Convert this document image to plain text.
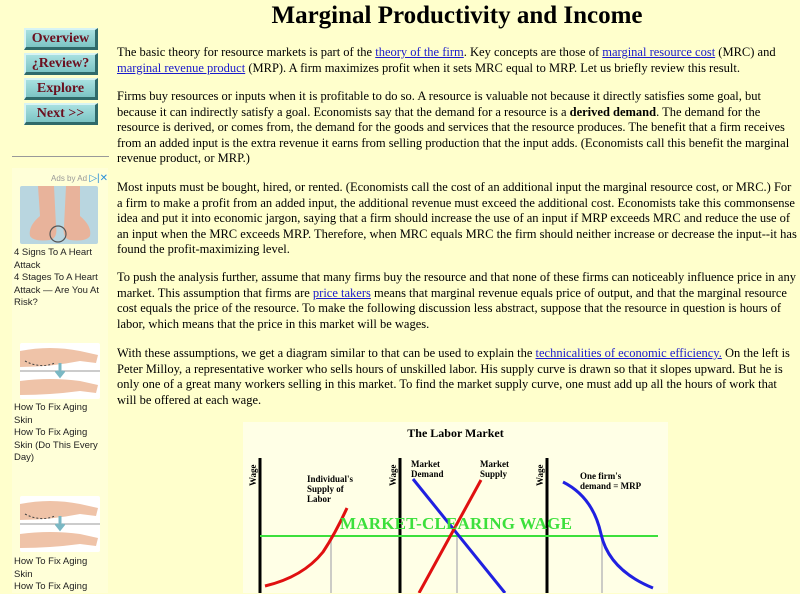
Overview
¿Review?
Explore
Next >>
Ads by Ad ▷|✕
4 Signs To A Heart Attack
4 Stages To A Heart Attack — Are You At Risk?
How To Fix Aging Skin
How To Fix Aging Skin (Do This Every Day)
How To Fix Aging Skin
How To Fix Aging
Marginal Productivity and Income

The basic theory for resource markets is part of the theory of the firm. Key concepts are those of marginal resource cost (MRC) and marginal revenue product (MRP). A firm maximizes profit when it sets MRC equal to MRP. Let us briefly review this result.

Firms buy resources or inputs when it is profitable to do so. A resource is valuable not because it directly satisfies some goal, but because it can indirectly satisfy a goal. Economists say that the demand for a resource is a derived demand. The demand for the resource is derived, or comes from, the demand for the goods and services that the resource produces. The benefit that a firm receives from an added input is the extra revenue it earns from selling production that the input adds. (Economists call this benefit the marginal revenue product, or MRP.)

Most inputs must be bought, hired, or rented. (Economists call the cost of an additional input the marginal resource cost, or MRC.) For a firm to make a profit from an added input, the additional revenue must exceed the additional cost. Economists take this commonsense idea and put it into economic jargon, saying that a firm should increase the use of an input if MRP exceeds MRC and reduce the use of an input when the MRC exceeds MRP. Therefore, when MRC equals MRC the firm should neither increase or decrease the input--it has found the profit-maximizing level.

To push the analysis further, assume that many firms buy the resource and that none of these firms can noticeably influence price in any market. This assumption that firms are price takers means that marginal revenue equals price of output, and that the marginal resource cost equals the price of the resource. To make the following discussion less abstract, suppose that the resource in question is hours of labor, which means that the price in this market will be wages.

With these assumptions, we get a diagram similar to that can be used to explain the technicalities of economic efficiency. On the left is Peter Milloy, a representative worker who sells hours of unskilled labor. His supply curve is drawn so that it slopes upward. But he is only one of a great many workers selling in this market. To find the market supply curve, one must add up all the hours of work that will be offered at each wage.

The Labor Market
Wage	Wage	Wage
Individual's Supply of Labor
Market Demand
Market Supply	One firm's demand = MRP
MARKET-CLEARING WAGE
